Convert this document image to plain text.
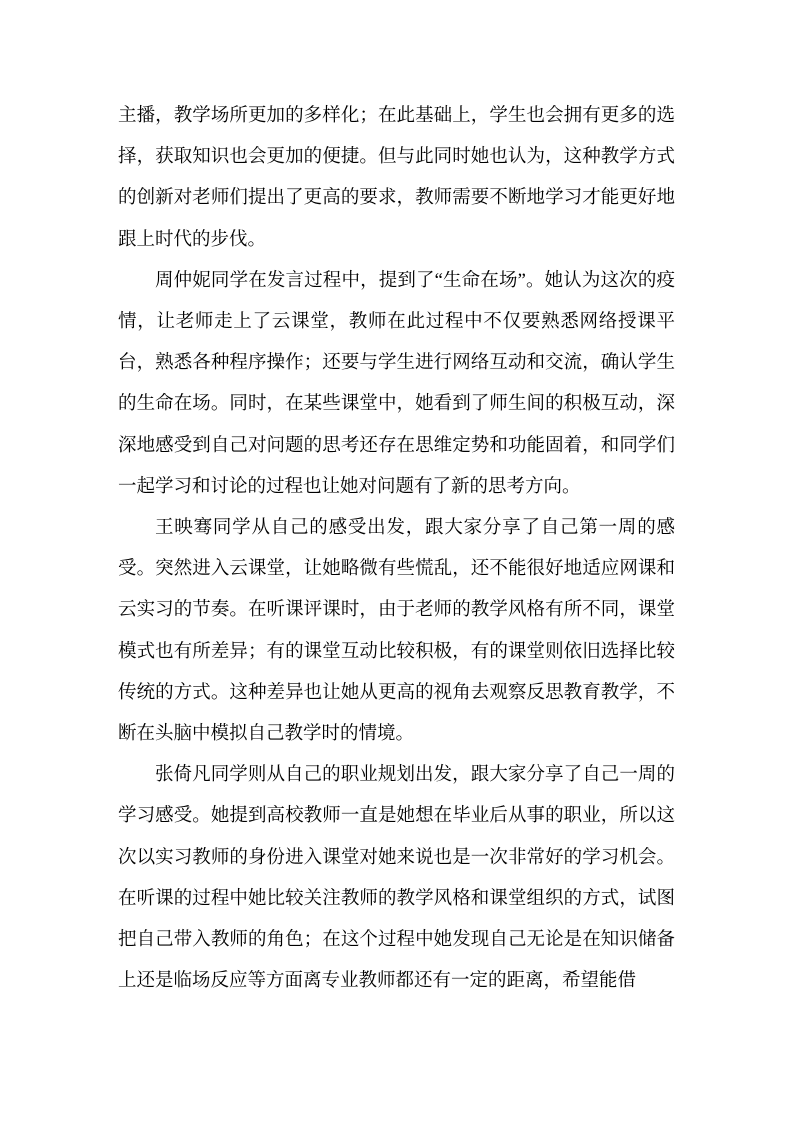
主播，教学场所更加的多样化；在此基础上，学生也会拥有更多的选择，获取知识也会更加的便捷。但与此同时她也认为，这种教学方式的创新对老师们提出了更高的要求，教师需要不断地学习才能更好地跟上时代的步伐。

周仲妮同学在发言过程中，提到了“生命在场”。她认为这次的疫情，让老师走上了云课堂，教师在此过程中不仅要熟悉网络授课平台，熟悉各种程序操作；还要与学生进行网络互动和交流，确认学生的生命在场。同时，在某些课堂中，她看到了师生间的积极互动，深深地感受到自己对问题的思考还存在思维定势和功能固着，和同学们一起学习和讨论的过程也让她对问题有了新的思考方向。

王映骞同学从自己的感受出发，跟大家分享了自己第一周的感受。突然进入云课堂，让她略微有些慌乱，还不能很好地适应网课和云实习的节奏。在听课评课时，由于老师的教学风格有所不同，课堂模式也有所差异；有的课堂互动比较积极，有的课堂则依旧选择比较传统的方式。这种差异也让她从更高的视角去观察反思教育教学，不断在头脑中模拟自己教学时的情境。

张倚凡同学则从自己的职业规划出发，跟大家分享了自己一周的学习感受。她提到高校教师一直是她想在毕业后从事的职业，所以这次以实习教师的身份进入课堂对她来说也是一次非常好的学习机会。在听课的过程中她比较关注教师的教学风格和课堂组织的方式，试图把自己带入教师的角色；在这个过程中她发现自己无论是在知识储备上还是临场反应等方面离专业教师都还有一定的距离，希望能借
